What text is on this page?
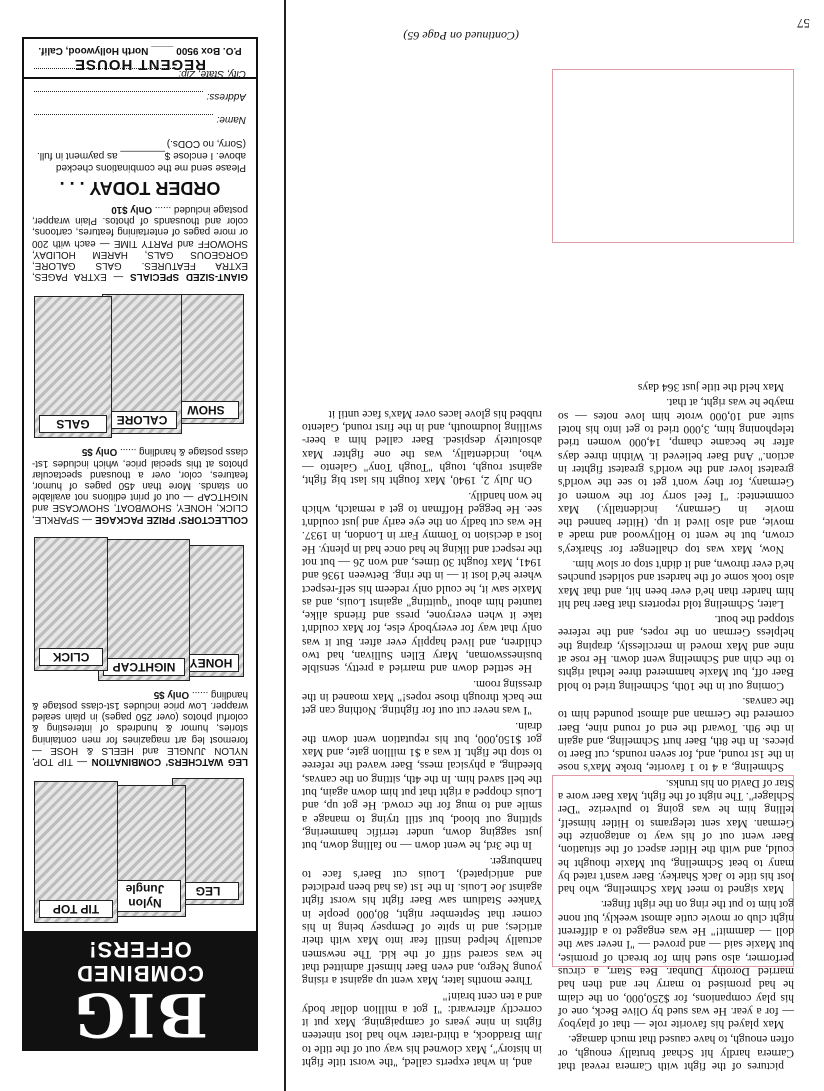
pictures of the fight with Carnera reveal that Carnera hardly hit Schaaf brutally enough, or often enough, to have caused that much damage.

Max played his favorite role — that of playboy — for a year. He was sued by Olive Beck, one of his play companions, for $250,000, on the claim he had promised to marry her and then had married Dorothy Dunbar. Bea Starr, a circus performer, also sued him for breach of promise, but Maxie said — and proved — "I never saw the doll — dammit!" He was engaged to a different night club or movie cutie almost weekly, but none got him to put the ring on the right finger.

Max signed to meet Max Schmeling, who had lost his title to Jack Sharkey. Baer wasn't rated by many to beat Schmeling, but Maxie thought he could, and with the Hitler aspect of the situation, Baer went out of his way to antagonize the German. Max sent telegrams to Hitler himself, telling him he was going to pulverize "Der Schlager". The night of the fight, Max Baer wore a Star of David on his trunks.

Schmeling, a 4 to 1 favorite, broke Max's nose in the 1st round, and, for seven rounds, cut Baer to pieces. In the 8th, Baer hurt Schmeling, and again in the 9th. Toward the end of round nine, Baer cornered the German and almost pounded him to the canvas.

Coming out in the 10th, Schmeling tried to hold Baer off, but Maxie hammered three lethal rights to the chin and Schmeling went down. He rose at nine and Max moved in mercilessly, draping the helpless German on the ropes, and the referee stopped the bout.

Later, Schmeling told reporters that Baer had hit him harder than he'd ever been hit, and that Max also took some of the hardest and solidest punches he'd ever thrown, and it didn't stop or slow him.

Now, Max was top challenger for Sharkey's crown, but he went to Hollywood and made a movie, and also lived it up. (Hitler banned the movie in Germany, incidentally.) Max commented: "I feel sorry for the women of Germany, for they won't get to see the world's greatest lover and the world's greatest fighter in action." And Baer believed it. Within three days after he became champ, 14,000 women tried telephoning him, 3,000 tried to get into his hotel suite and 10,000 wrote him love notes — so maybe he was right, at that.

Max held the title just 364 days

and, in what experts called, "the worst title fight in history", Max clowned his way out of the title to Jim Braddock, a third-rater who had lost nineteen fights in nine years of campaigning. Max put it correctly afterward: "I got a million dollar body and a ten cent brain!"

Three months later, Max went up against a rising young Negro, and even Baer himself admitted that he was scared stiff of the kid. The newsmen actually helped instill fear into Max with their articles; and in spite of Dempsey being in his corner that September night, 80,000 people in Yankee Stadium saw Baer fight his worst fight against Joe Louis. In the 1st (as had been predicted and anticipated), Louis cut Baer's face to hamburger.

In the 3rd, he went down — no falling down, but just sagging down, under terrific hammering, spitting out blood, but still trying to manage a smile and to mug for the crowd. He got up, and Louis chopped a right that put him down again, but the bell saved him. In the 4th, sitting on the canvas, bleeding, a physical mess, Baer waved the referee to stop the fight. It was a $1 million gate, and Max got $150,000, but his reputation went down the drain.

"I was never cut out for fighting. Nothing can get me back through those ropes!" Max moaned in the dressing room.

He settled down and married a pretty, sensible businesswoman, Mary Ellen Sullivan, had two children, and lived happily ever after. But it was only that way for everybody else, for Max couldn't take it when everyone, press and friends alike, taunted him about "quitting" against Louis, and as Maxie saw it, he could only redeem his self-respect where he'd lost it — in the ring. Between 1936 and 1941, Max fought 30 times, and won 26 — but not the respect and liking he had once had in plenty. He lost a decision to Tommy Farr in London, in 1937. He was cut badly on the eye early and just couldn't see. He begged Hoffman to get a rematch, which he won handily.

On July 2, 1940, Max fought his last big fight, against rough, tough "Tough Tony" Galento — who, incidentally, was the one fighter Max absolutely despised. Baer called him a beer-swilling loudmouth, and in the first round, Galento rubbed his glove laces over Max's face until it

(Continued on Page 65)
57
BIG
COMBINED
OFFERS!
LEG
Nylon Jungle
TIP TOP
LEG WATCHERS' COMBINATION — TIP TOP, NYLON JUNGLE and HEELS & HOSE — foremost leg art magazines for men containing stories, humor & hundreds of interesting & colorful photos (over 250 pages) in plain sealed wrapper. Low price includes 1st-class postage & handling ...... Only $5
HONEY
NIGHTCAP
CLICK
COLLECTORS' PRIZE PACKAGE — SPARKLE, CLICK, HONEY, SHOWBOAT, SHOWCASE and NIGHTCAP — out of print editions not available on stands. More than 450 pages of humor, features, color, over a thousand spectacular photos at this special price, which includes 1st-class postage & handling ...... Only $5
SHOW
CALORE
GALS
GIANT-SIZED SPECIALS — EXTRA PAGES, EXTRA FEATURES. GALS GALORE, GORGEOUS GALS, HAREM HOLIDAY, SHOWOFF and PARTY TIME — each with 200 or more pages of entertaining features, cartoons, color and thousands of photos. Plain wrapper, postage included ...... Only $10
ORDER TODAY . . .
Please send me the combinations checked above. I enclose $________ as payment in full. (Sorry, no CODs.)
Name:
Address:
City, State, Zip:
REGENT HOUSE
P.O. Box 9500 ____ North Hollywood, Calif.
